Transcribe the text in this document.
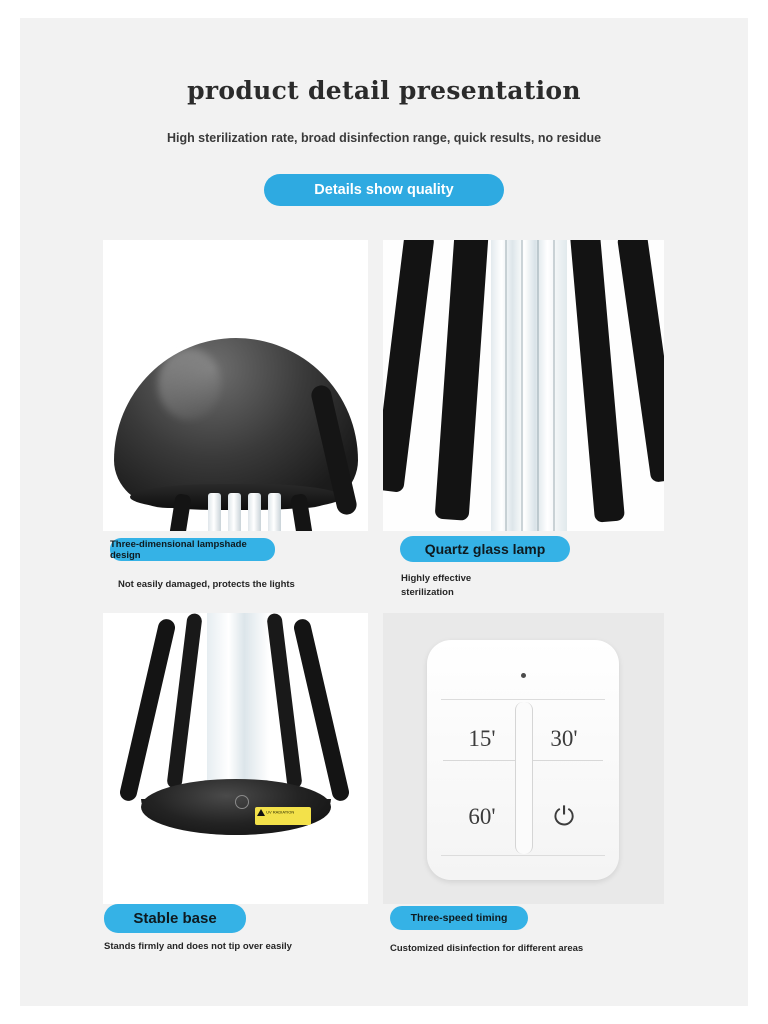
product detail presentation
High sterilization rate, broad disinfection range, quick results, no residue
Details show quality
UV RADIATION
15'	30'
60'	⏻
Three-dimensional lampshade design
Not easily damaged, protects the lights
Quartz glass lamp
Highly effective
sterilization
Stable base
Stands firmly and does not tip over easily
Three-speed timing
Customized disinfection for different areas
